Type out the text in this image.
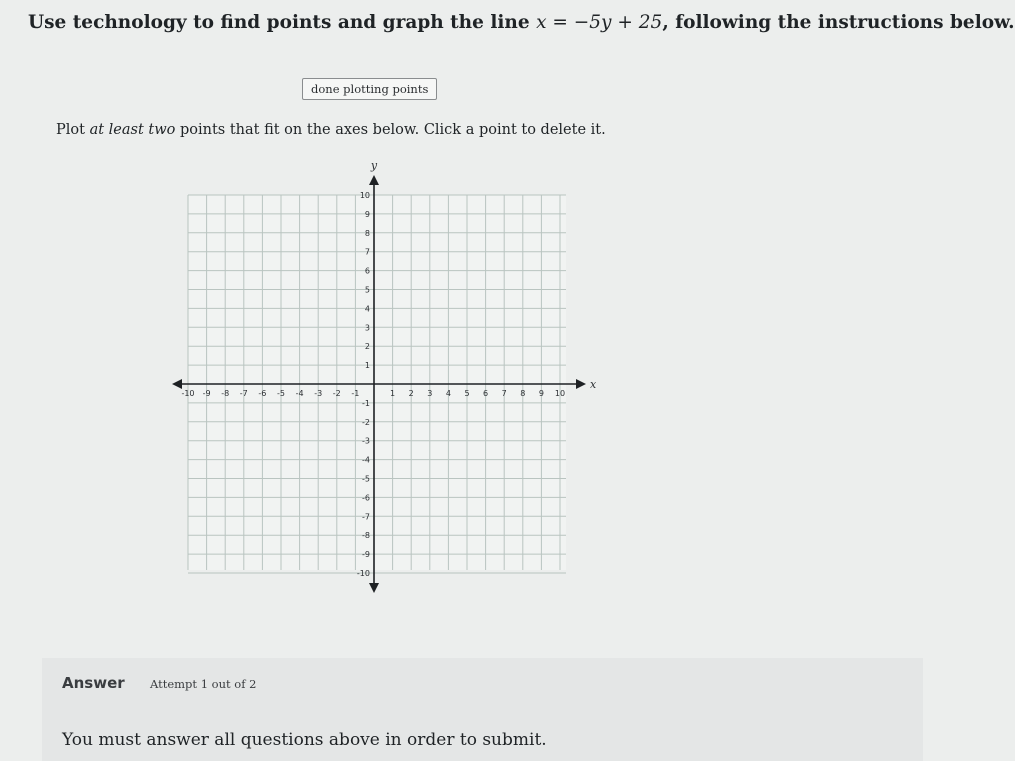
Use technology to find points and graph the line x = −5y + 25, following the instructions below.
done plotting points
Plot at least two points that fit on the axes below. Click a point to delete it.
-10 -9 -8 -7 -6 -5 -4 -3 -2 -1	1 2 3 4 5 6 7 8 9 10
10
9
8
7
6
5
4
3
2
1
-1
-2
-3
-4
-5
-6
-7
-8
-9
-10
x
y
Answer Attempt 1 out of 2
You must answer all questions above in order to submit.
